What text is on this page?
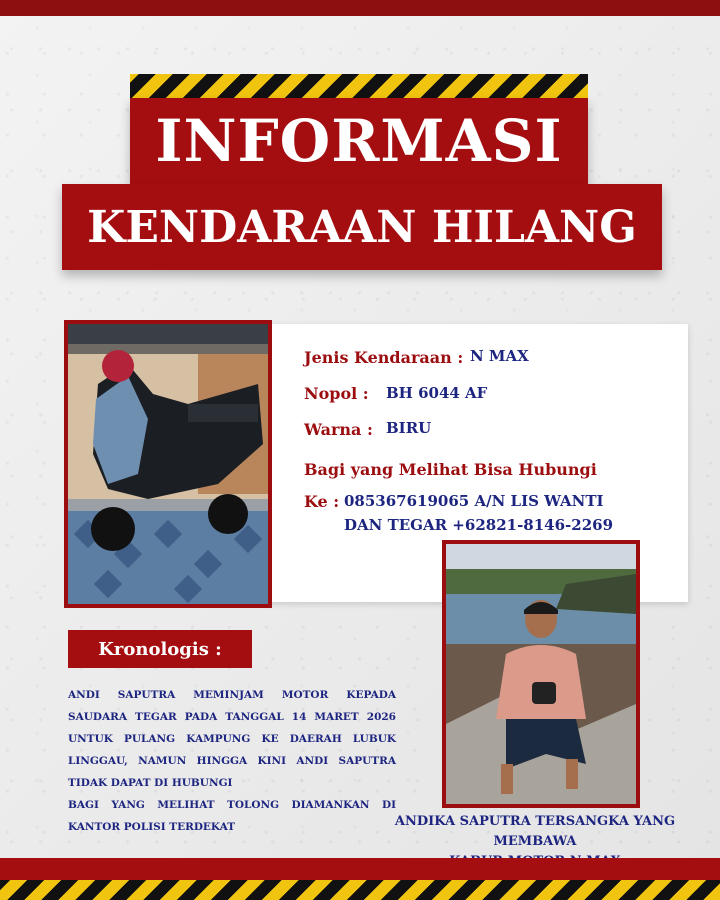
INFORMASI
KENDARAAN HILANG
Jenis Kendaraan : N MAX
Nopol : BH 6044 AF
Warna : BIRU
Bagi yang Melihat Bisa Hubungi
Ke : 085367619065 A/N LIS WANTI
DAN TEGAR +62821-8146-2269
Kronologis :

ANDI SAPUTRA MEMINJAM MOTOR KEPADA SAUDARA TEGAR PADA TANGGAL 14 MARET 2026 UNTUK PULANG KAMPUNG KE DAERAH LUBUK LINGGAU, NAMUN HINGGA KINI ANDI SAPUTRA TIDAK DAPAT DI HUBUNGI

BAGI YANG MELIHAT TOLONG DIAMANKAN DI KANTOR POLISI TERDEKAT	ANDIKA SAPUTRA TERSANGKA YANG MEMBAWA
